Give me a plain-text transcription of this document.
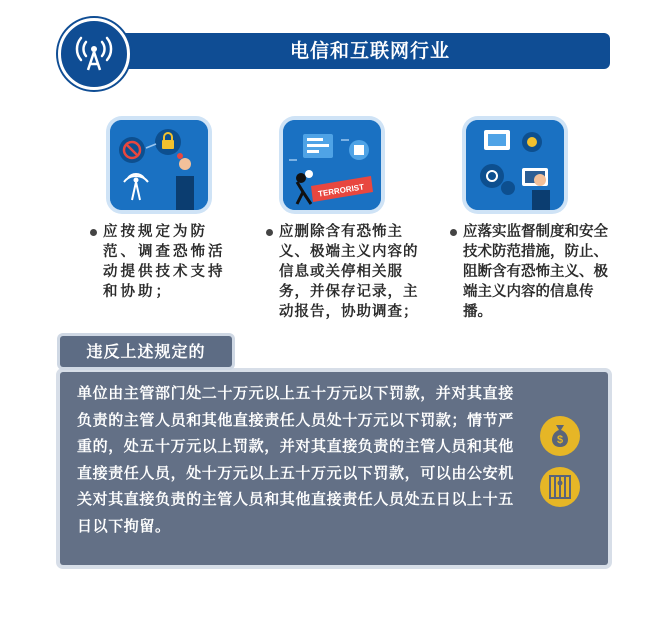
电信和互联网行业
TERRORIST
应按规定为防范、调查恐怖活动提供技术支持和协助；
应删除含有恐怖主义、极端主义内容的信息或关停相关服务，并保存记录，主动报告，协助调查；
应落实监督制度和安全技术防范措施，防止、阻断含有恐怖主义、极端主义内容的信息传播。
违反上述规定的
单位由主管部门处二十万元以上五十万元以下罚款，并对其直接负责的主管人员和其他直接责任人员处十万元以下罚款；情节严重的，处五十万元以上罚款，并对其直接负责的主管人员和其他直接责任人员，处十万元以上五十万元以下罚款，可以由公安机关对其直接负责的主管人员和其他直接责任人员处五日以上十五日以下拘留。
$
